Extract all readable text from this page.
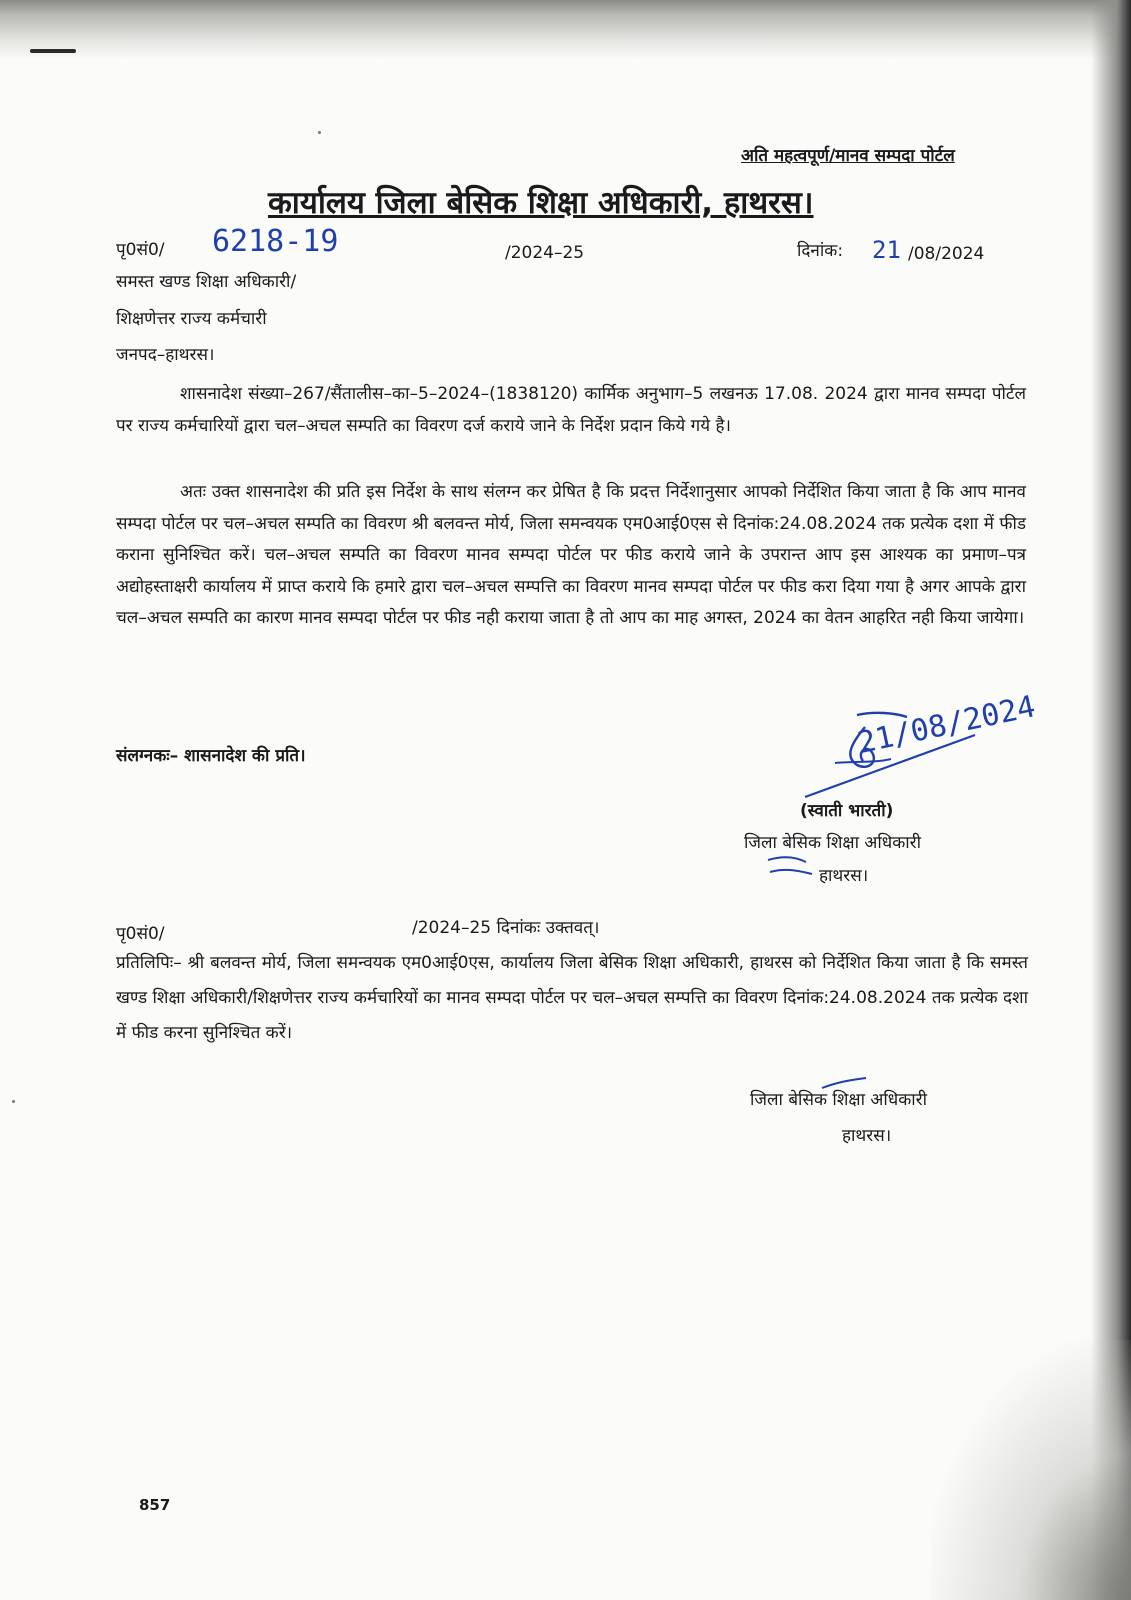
अति महत्वपूर्ण/मानव सम्पदा पोर्टल
कार्यालय जिला बेसिक शिक्षा अधिकारी, हाथरस।
पृ0सं0/ 6218-19	/2024–25	दिनांक: 21 /08/2024
समस्त खण्ड शिक्षा अधिकारी/
शिक्षणेत्तर राज्य कर्मचारी
जनपद–हाथरस।
शासनादेश संख्या–267/सैंतालीस–का–5–2024–(1838120) कार्मिक अनुभाग–5 लखनऊ 17.08. 2024 द्वारा मानव सम्पदा पोर्टल पर राज्य कर्मचारियों द्वारा चल–अचल सम्पति का विवरण दर्ज कराये जाने के निर्देश प्रदान किये गये है।
अतः उक्त शासनादेश की प्रति इस निर्देश के साथ संलग्न कर प्रेषित है कि प्रदत्त निर्देशानुसार आपको निर्देशित किया जाता है कि आप मानव सम्पदा पोर्टल पर चल–अचल सम्पति का विवरण श्री बलवन्त मोर्य, जिला समन्वयक एम0आई0एस से दिनांक:24.08.2024 तक प्रत्येक दशा में फीड कराना सुनिश्चित करें। चल–अचल सम्पति का विवरण मानव सम्पदा पोर्टल पर फीड कराये जाने के उपरान्त आप इस आश्यक का प्रमाण–पत्र अद्योहस्ताक्षरी कार्यालय में प्राप्त कराये कि हमारे द्वारा चल–अचल सम्पत्ति का विवरण मानव सम्पदा पोर्टल पर फीड करा दिया गया है अगर आपके द्वारा चल–अचल सम्पति का कारण मानव सम्पदा पोर्टल पर फीड नही कराया जाता है तो आप का माह अगस्त, 2024 का वेतन आहरित नही किया जायेगा।
संलग्नकः– शासनादेश की प्रति।	21/08/2024
(स्वाती भारती)
जिला बेसिक शिक्षा अधिकारी
हाथरस।
पृ0सं0/	/2024–25 दिनांकः उक्तवत्।
प्रतिलिपिः– श्री बलवन्त मोर्य, जिला समन्वयक एम0आई0एस, कार्यालय जिला बेसिक शिक्षा अधिकारी, हाथरस को निर्देशित किया जाता है कि समस्त खण्ड शिक्षा अधिकारी/शिक्षणेत्तर राज्य कर्मचारियों का मानव सम्पदा पोर्टल पर चल–अचल सम्पत्ति का विवरण दिनांक:24.08.2024 तक प्रत्येक दशा में फीड करना सुनिश्चित करें।
जिला बेसिक शिक्षा अधिकारी
हाथरस।
857
